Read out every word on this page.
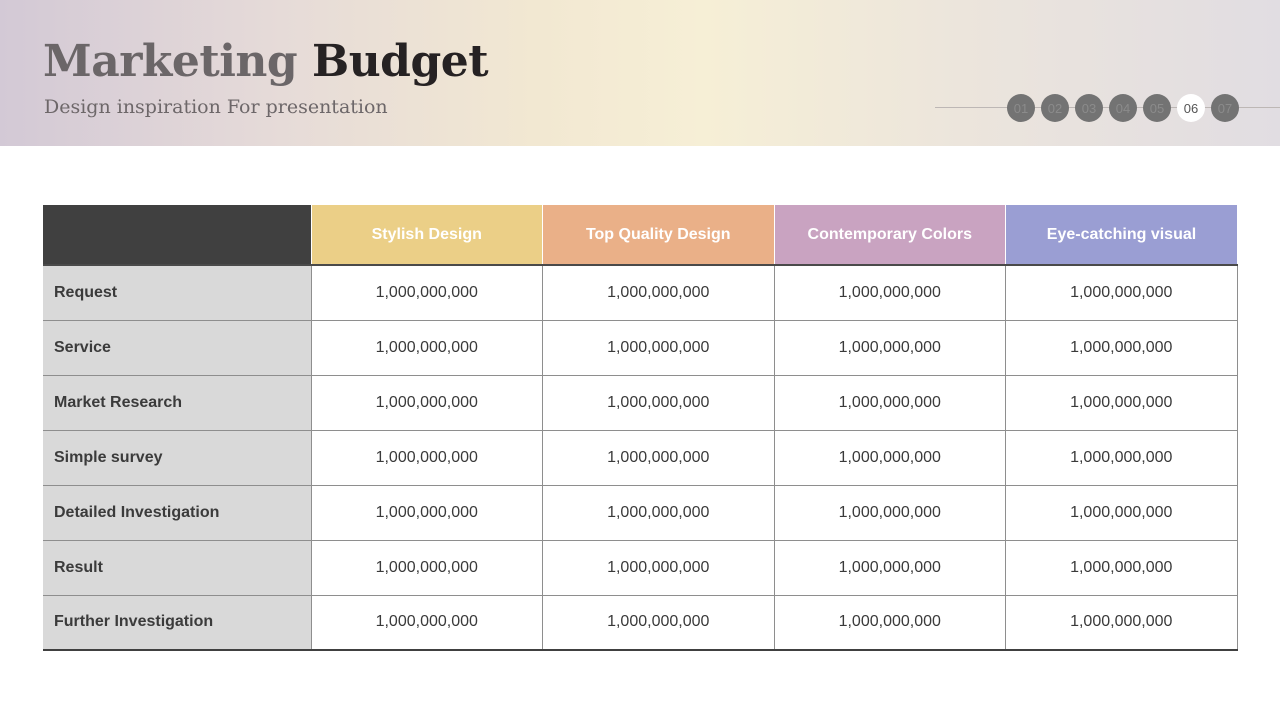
Marketing Budget
Design inspiration For presentation	01	02	03	04	05	06	07
	Stylish Design	Top Quality Design	Contemporary Colors	Eye-catching visual
Request	1,000,000,000	1,000,000,000	1,000,000,000	1,000,000,000
Service	1,000,000,000	1,000,000,000	1,000,000,000	1,000,000,000
Market Research	1,000,000,000	1,000,000,000	1,000,000,000	1,000,000,000
Simple survey	1,000,000,000	1,000,000,000	1,000,000,000	1,000,000,000
Detailed Investigation	1,000,000,000	1,000,000,000	1,000,000,000	1,000,000,000
Result	1,000,000,000	1,000,000,000	1,000,000,000	1,000,000,000
Further Investigation	1,000,000,000	1,000,000,000	1,000,000,000	1,000,000,000
